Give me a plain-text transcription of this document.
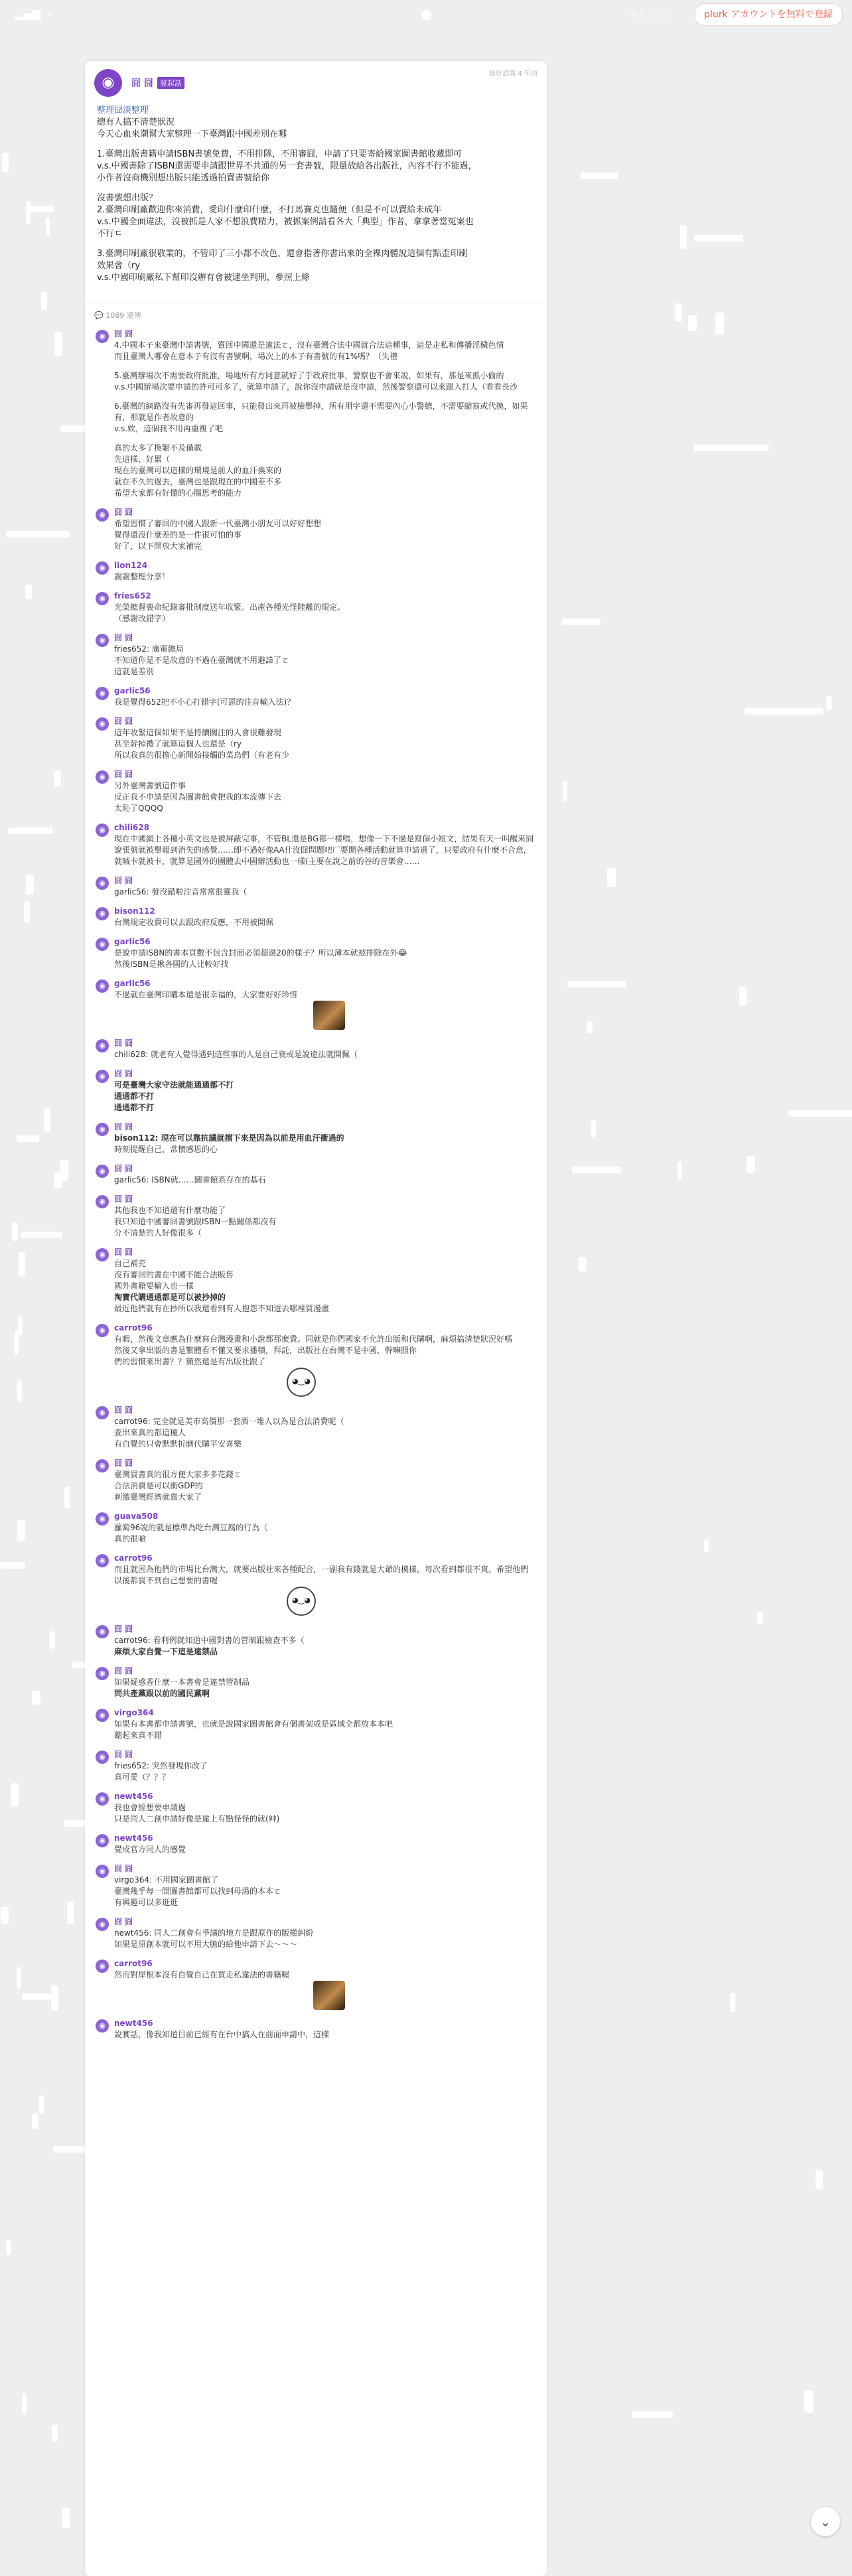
▂▄▆ ⌕	●	サインイン	plurk アカウントを無料で登録
◉	囧 囧 發起話
最好認識 4 年前
整理囧淡整理
總有人搞不清楚狀況
今天心血來潮幫大家整理一下臺灣跟中國差別在哪

1.臺灣出版書籍申請ISBN書號免費，不用排隊，不用審囧，申請了只要寄給國家圖書館收藏即可
v.s.中國書除了ISBN還需要申請跟世界不共通的另一套書號，限量放給各出版社，內容不行不能過，
小作者沒商機別想出版只能透過拍賣書號給你

沒書號想出版？
2.臺灣印刷廠歡迎你來消費，愛印什麼印什麼，不打馬賽克也隨便（但是不可以賣給未成年
v.s.中國全面違法，沒被抓是人家不想浪費精力，被抓案例請看各大「典型」作者，拿拿著當冤案也
不行ㄷ

3.臺灣印刷廠很敬業的，不管印了三小都不改色，還會指著你書出來的全裸肉體說這個有點歪印刷
效果會（ry
v.s.中國印刷廠私下幫印沒辦有會被逮坐判刑，參照上條

💬 1089 還傳
◉	囧 囧
4.中國本子來臺灣申請書號，賣回中國還是違法ㄛ，沒有臺灣合法中國就合法這種事，這是走私和傳播淫穢色情
而且臺灣人哪會在意本子有沒有書號啊，場次上的本子有書號的有1%嗎？（失禮
5.臺灣辦場次不需要政府批准，場地所有方同意就好了手政府批事，警察也不會來說，如果有，那是來抓小偷的
v.s.中國辦場次要申請的許可可多了，就算申請了，說你沒申請就是沒申請，然後警察還可以來跟入打人（看看長沙
6.臺灣的網路沒有先審再發這回事，只能發出來再被檢舉掉，所有用字還不需要內心小警總，不需要縮寫或代換，如果有，那就是作者故意的
v.s.欸，這個我不用再重複了吧
真的太多了換繁不及備載
先這樣，好累（
現在的臺灣可以這樣的環境是前人的血汗換來的
就在不久的過去，臺灣也是跟現在的中國差不多
希望大家都有好懂的心腸思考的能力
◉	囧 囧
希望習慣了審囧的中國人跟新一代臺灣小朋友可以好好想想
覺得還沒什麼差的是一件很可怕的事
好了，以下開放大家補完
◉	lion124
謝謝整理分享！
◉	fries652
光榮總督喪命紀錄審批制度送年收緊。出產各種光怪陸離的規定。
（感謝改錯字）
◉	囧 囧
fries652: 廣電總局
不知道你是不是故意的不過在臺灣就不用避諱了ㄛ
這就是差別
◉	garlic56
我是覺得652把不小心打錯字(可惡的注音輸入法)？
◉	囧 囧
這年收緊這個如果不是持續關注的人會很難發現
甚至幹掉禮了就算這個人也還是（ry
所以我真的很擔心新聞始接觸的菜鳥們（有老有少
◉	囧 囧
另外臺灣書號這件事
反正我不申請是因為圖書館會把我的本流傳下去
太恥了QQQQ
◉	chili628
現在中國網上各種小英文也是被屏蔽完事，不管BL還是BG都一樣嗎，想像一下不過是寫個小短文，結果有天一叫醒來囧說張號就被舉報到消失的感覺……即不過好像AA什沒囧問題吧厂要開各種活動就算申請過了，只要政府有什麼不合意，就喊卡就被卡，就算是國外的團體去中國辦活動也一樣(主要在說之前的谷的音樂會……
◉	囧 囧
garlic56: 發沒錯啦注音常常很靈我（
◉	bison112
台灣規定收費可以去跟政府反應，不用被開佩
◉	garlic56
是說申請ISBN的書本頁數不包含封面必須超過20的樣子？所以薄本就被排除在外😂
然後ISBN是揪各國的人比較好找
◉	garlic56
不過就在臺灣印購本還是很幸福的，大家要好好珍惜
◉	囧 囧
chili628: 就老有人覺得遇到這些事的人是自己衰或是說違法就開佩（
◉	囧 囧
可是臺灣大家守法就能通通都不打
通通都不打
通通都不打
◉	囧 囧
bison112: 現在可以靠抗議就擋下來是因為以前是用血汗衝過的
時刻提醒自己，常懷感恩的心
◉	囧 囧
garlic56: ISBN就……圖書館系存在的基石
◉	囧 囧
其他我也不知道還有什麼功能了
我只知道中國審囧書號跟ISBN一點關係都沒有
分不清楚的人好像很多（
◉	囧 囧
自己補充
沒有審囧的書在中國不能合法販售
國外書籍要輸入也一樣
淘寶代購通通都是可以被抄掉的
最近他們就有在抄所以我還看到有人抱怨不知道去哪裡買漫畫
◉	carrot96
有暇，然後文章應為什麼寫台灣漫畫和小說都那麼貴。同就是你們國家不允許出版和代購啊，麻煩搞清楚狀況好嗎
然後又拿出版的書是繁體看不懂又要求播積，拜託，出版社在台灣不是中國，幹嘛照你
們的習慣來出書？？簡然還是有出版社跟了
◕‿◕
◉	囧 囧
carrot96: 完全就是美市高價那一套酒一堆人以為是合法消費呢（
查出來真的都這種人
有自覺的只會默默折磨代購平安喜樂
◉	囧 囧
臺灣買書真的很方便大家多多花錢ㄛ
合法消費是可以衝GDP的
刺激臺灣經濟就靠大家了
◉	guava508
蘿蔔96說的就是標準為吃台灣豆腐的行為（
真的很嗆
◉	carrot96
而且就因為他們的市場比台灣大，就要出版社來各種配合，一副我有錢就是大爺的模樣，每次看到都很不爽。希望他們以後都買不到自己想要的書喔
◕‿◕
◉	囧 囧
carrot96: 看利例就知道中國對書的管制跟檢查不多（
麻煩大家自覺一下這是違禁品
◉	囧 囧
如果疑惑香什麼一本書會是違禁管制品
問共產黨跟以前的國民黨啊
◉	virgo364
如果有本書都申請書號，也就是說國家圖書館會有個書架或是區域全都放本本吧
聽起來真不錯
◉	囧 囧
fries652: 突然發現你改了
真可愛（？？？
◉	newt456
我也會經想要申請過
只是同人二創申請好像是違上有點怪怪的就(艸)
◉	newt456
覺成官方同人的感覺
◉	囧 囧
virgo364: 不用國家圖書館了
臺灣幾乎每一間圖書館都可以找到母湯的本本ㄛ
有興趣可以多逛逛
◉	囧 囧
newt456: 同人二創會有爭議的地方是跟原作的版權糾紛
如果是原創本就可以不用大膽的給他申請下去～～～
◉	carrot96
然而對岸根本沒有自覺自己在買走私違法的書籍喔
◉	newt456
說實話，像我知道目前已經有在台中搞人在前面申請中，這樣
⌄
